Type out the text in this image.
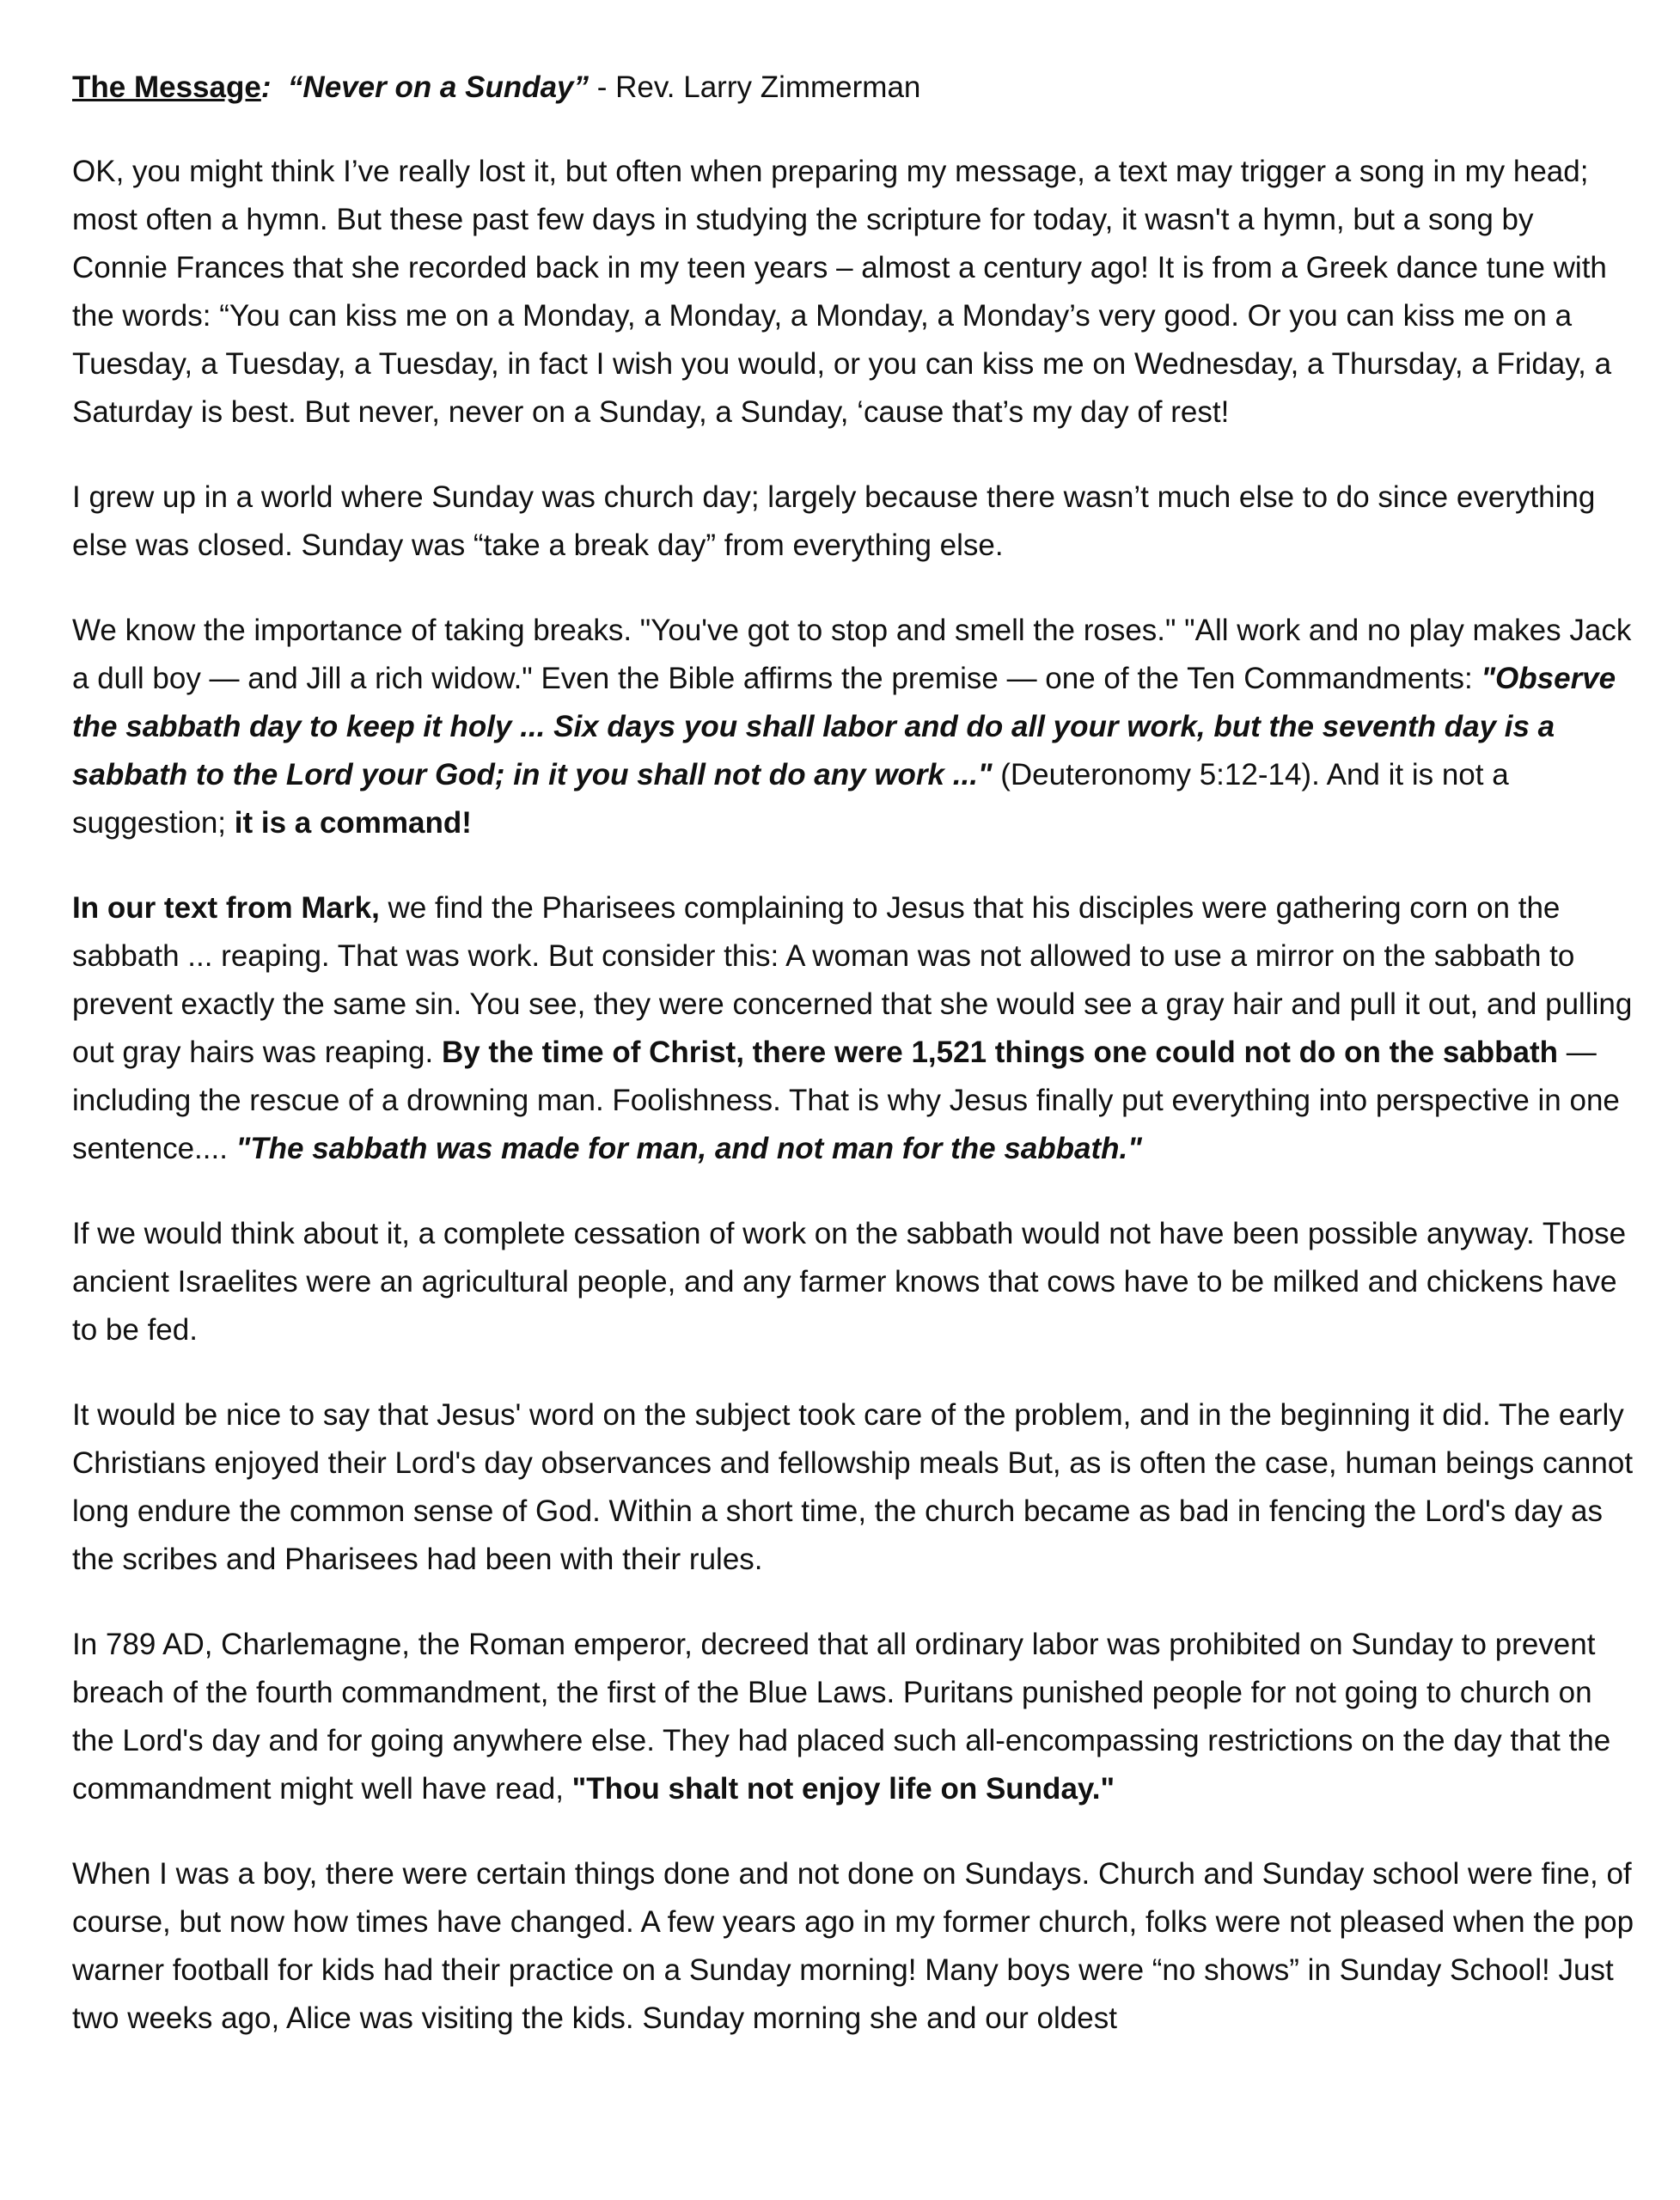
The Message: “Never on a Sunday” - Rev. Larry Zimmerman

OK, you might think I’ve really lost it, but often when preparing my message, a text may trigger a song in my head; most often a hymn. But these past few days in studying the scripture for today, it wasn't a hymn, but a song by Connie Frances that she recorded back in my teen years – almost a century ago! It is from a Greek dance tune with the words: “You can kiss me on a Monday, a Monday, a Monday, a Monday’s very good. Or you can kiss me on a Tuesday, a Tuesday, a Tuesday, in fact I wish you would, or you can kiss me on Wednesday, a Thursday, a Friday, a Saturday is best. But never, never on a Sunday, a Sunday, ‘cause that’s my day of rest!

I grew up in a world where Sunday was church day; largely because there wasn’t much else to do since everything else was closed. Sunday was “take a break day” from everything else.

We know the importance of taking breaks. "You've got to stop and smell the roses." "All work and no play makes Jack a dull boy — and Jill a rich widow." Even the Bible affirms the premise — one of the Ten Commandments: "Observe the sabbath day to keep it holy ... Six days you shall labor and do all your work, but the seventh day is a sabbath to the Lord your God; in it you shall not do any work ..." (Deuteronomy 5:12-14). And it is not a suggestion; it is a command!

In our text from Mark, we find the Pharisees complaining to Jesus that his disciples were gathering corn on the sabbath ... reaping. That was work. But consider this: A woman was not allowed to use a mirror on the sabbath to prevent exactly the same sin. You see, they were concerned that she would see a gray hair and pull it out, and pulling out gray hairs was reaping. By the time of Christ, there were 1,521 things one could not do on the sabbath — including the rescue of a drowning man. Foolishness. That is why Jesus finally put everything into perspective in one sentence.... "The sabbath was made for man, and not man for the sabbath."

If we would think about it, a complete cessation of work on the sabbath would not have been possible anyway. Those ancient Israelites were an agricultural people, and any farmer knows that cows have to be milked and chickens have to be fed.

It would be nice to say that Jesus' word on the subject took care of the problem, and in the beginning it did. The early Christians enjoyed their Lord's day observances and fellowship meals But, as is often the case, human beings cannot long endure the common sense of God. Within a short time, the church became as bad in fencing the Lord's day as the scribes and Pharisees had been with their rules.

In 789 AD, Charlemagne, the Roman emperor, decreed that all ordinary labor was prohibited on Sunday to prevent breach of the fourth commandment, the first of the Blue Laws. Puritans punished people for not going to church on the Lord's day and for going anywhere else. They had placed such all-encompassing restrictions on the day that the commandment might well have read, "Thou shalt not enjoy life on Sunday."

When I was a boy, there were certain things done and not done on Sundays. Church and Sunday school were fine, of course, but now how times have changed. A few years ago in my former church, folks were not pleased when the pop warner football for kids had their practice on a Sunday morning! Many boys were “no shows” in Sunday School! Just two weeks ago, Alice was visiting the kids. Sunday morning she and our oldest
